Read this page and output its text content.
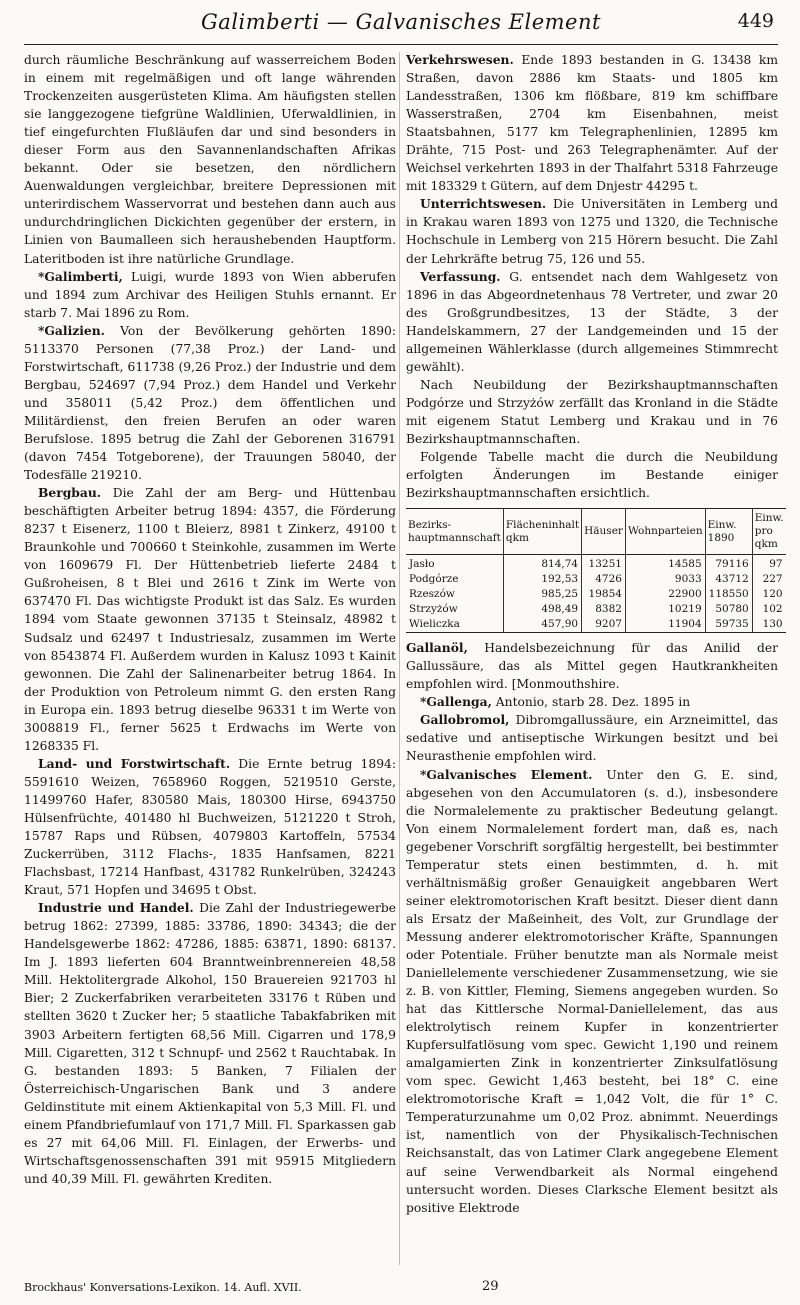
Galimberti — Galvanisches Element	449

durch räumliche Beschränkung auf wasserreichem Boden in einem mit regelmäßigen und oft lange währenden Trockenzeiten ausgerüsteten Klima. Am häufigsten stellen sie langgezogene tiefgrüne Waldlinien, Uferwaldlinien, in tief eingefurchten Flußläufen dar und sind besonders in dieser Form aus den Savannenlandschaften Afrikas bekannt. Oder sie besetzen, den nördlichern Auenwaldungen vergleichbar, breitere Depressionen mit unterirdischem Wasservorrat und bestehen dann auch aus undurchdringlichen Dickichten gegenüber der erstern, in Linien von Baumalleen sich heraushebenden Hauptform. Lateritboden ist ihre natürliche Grundlage.

*Galimberti, Luigi, wurde 1893 von Wien abberufen und 1894 zum Archivar des Heiligen Stuhls ernannt. Er starb 7. Mai 1896 zu Rom.

*Galizien. Von der Bevölkerung gehörten 1890: 5113370 Personen (77,38 Proz.) der Land- und Forstwirtschaft, 611738 (9,26 Proz.) der Industrie und dem Bergbau, 524697 (7,94 Proz.) dem Handel und Verkehr und 358011 (5,42 Proz.) dem öffentlichen und Militärdienst, den freien Berufen an oder waren Berufslose. 1895 betrug die Zahl der Geborenen 316791 (davon 7454 Totgeborene), der Trauungen 58040, der Todesfälle 219210.

Bergbau. Die Zahl der am Berg- und Hüttenbau beschäftigten Arbeiter betrug 1894: 4357, die Förderung 8237 t Eisenerz, 1100 t Bleierz, 8981 t Zinkerz, 49100 t Braunkohle und 700660 t Steinkohle, zusammen im Werte von 1609679 Fl. Der Hüttenbetrieb lieferte 2484 t Gußroheisen, 8 t Blei und 2616 t Zink im Werte von 637470 Fl. Das wichtigste Produkt ist das Salz. Es wurden 1894 vom Staate gewonnen 37135 t Steinsalz, 48982 t Sudsalz und 62497 t Industriesalz, zusammen im Werte von 8543874 Fl. Außerdem wurden in Kalusz 1093 t Kainit gewonnen. Die Zahl der Salinenarbeiter betrug 1864. In der Produktion von Petroleum nimmt G. den ersten Rang in Europa ein. 1893 betrug dieselbe 96331 t im Werte von 3008819 Fl., ferner 5625 t Erdwachs im Werte von 1268335 Fl.

Land- und Forstwirtschaft. Die Ernte betrug 1894: 5591610 Weizen, 7658960 Roggen, 5219510 Gerste, 11499760 Hafer, 830580 Mais, 180300 Hirse, 6943750 Hülsenfrüchte, 401480 hl Buchweizen, 5121220 t Stroh, 15787 Raps und Rübsen, 4079803 Kartoffeln, 57534 Zuckerrüben, 3112 Flachs-, 1835 Hanfsamen, 8221 Flachsbast, 17214 Hanfbast, 431782 Runkelrüben, 324243 Kraut, 571 Hopfen und 34695 t Obst.

Industrie und Handel. Die Zahl der Industriegewerbe betrug 1862: 27399, 1885: 33786, 1890: 34343; die der Handelsgewerbe 1862: 47286, 1885: 63871, 1890: 68137. Im J. 1893 lieferten 604 Branntweinbrennereien 48,58 Mill. Hektolitergrade Alkohol, 150 Brauereien 921703 hl Bier; 2 Zuckerfabriken verarbeiteten 33176 t Rüben und stellten 3620 t Zucker her; 5 staatliche Tabakfabriken mit 3903 Arbeitern fertigten 68,56 Mill. Cigarren und 178,9 Mill. Cigaretten, 312 t Schnupf- und 2562 t Rauchtabak. In G. bestanden 1893: 5 Banken, 7 Filialen der Österreichisch-Ungarischen Bank und 3 andere Geldinstitute mit einem Aktienkapital von 5,3 Mill. Fl. und einem Pfandbriefumlauf von 171,7 Mill. Fl. Sparkassen gab es 27 mit 64,06 Mill. Fl. Einlagen, der Erwerbs- und Wirtschaftsgenossenschaften 391 mit 95915 Mitgliedern und 40,39 Mill. Fl. gewährten Krediten.

Verkehrswesen. Ende 1893 bestanden in G. 13438 km Straßen, davon 2886 km Staats- und 1805 km Landesstraßen, 1306 km flößbare, 819 km schiffbare Wasserstraßen, 2704 km Eisenbahnen, meist Staatsbahnen, 5177 km Telegraphenlinien, 12895 km Drähte, 715 Post- und 263 Telegraphenämter. Auf der Weichsel verkehrten 1893 in der Thalfahrt 5318 Fahrzeuge mit 183329 t Gütern, auf dem Dnjestr 44295 t.

Unterrichtswesen. Die Universitäten in Lemberg und in Krakau waren 1893 von 1275 und 1320, die Technische Hochschule in Lemberg von 215 Hörern besucht. Die Zahl der Lehrkräfte betrug 75, 126 und 55.

Verfassung. G. entsendet nach dem Wahlgesetz von 1896 in das Abgeordnetenhaus 78 Vertreter, und zwar 20 des Großgrundbesitzes, 13 der Städte, 3 der Handelskammern, 27 der Landgemeinden und 15 der allgemeinen Wählerklasse (durch allgemeines Stimmrecht gewählt).

Nach Neubildung der Bezirkshauptmannschaften Podgórze und Strzyżów zerfällt das Kronland in die Städte mit eigenem Statut Lemberg und Krakau und in 76 Bezirkshauptmannschaften.

Folgende Tabelle macht die durch die Neubildung erfolgten Änderungen im Bestande einiger Bezirkshauptmannschaften ersichtlich.

Bezirks-hauptmannschaft	Flächeninhalt qkm	Häuser	Wohnparteien	Einw. 1890	Einw. pro qkm
Jasło	814,74	13251	14585	79116	97
Podgórze	192,53	4726	9033	43712	227
Rzeszów	985,25	19854	22900	118550	120
Strzyżów	498,49	8382	10219	50780	102
Wieliczka	457,90	9207	11904	59735	130

Gallanöl, Handelsbezeichnung für das Anilid der Gallussäure, das als Mittel gegen Hautkrankheiten empfohlen wird. [Monmouthshire.

*Gallenga, Antonio, starb 28. Dez. 1895 in

Gallobromol, Dibromgallussäure, ein Arzneimittel, das sedative und antiseptische Wirkungen besitzt und bei Neurasthenie empfohlen wird.

*Galvanisches Element. Unter den G. E. sind, abgesehen von den Accumulatoren (s. d.), insbesondere die Normalelemente zu praktischer Bedeutung gelangt. Von einem Normalelement fordert man, daß es, nach gegebener Vorschrift sorgfältig hergestellt, bei bestimmter Temperatur stets einen bestimmten, d. h. mit verhältnismäßig großer Genauigkeit angebbaren Wert seiner elektromotorischen Kraft besitzt. Dieser dient dann als Ersatz der Maßeinheit, des Volt, zur Grundlage der Messung anderer elektromotorischer Kräfte, Spannungen oder Potentiale. Früher benutzte man als Normale meist Daniellelemente verschiedener Zusammensetzung, wie sie z. B. von Kittler, Fleming, Siemens angegeben wurden. So hat das Kittlersche Normal-Daniellelement, das aus elektrolytisch reinem Kupfer in konzentrierter Kupfersulfatlösung vom spec. Gewicht 1,190 und reinem amalgamierten Zink in konzentrierter Zinksulfatlösung vom spec. Gewicht 1,463 besteht, bei 18° C. eine elektromotorische Kraft = 1,042 Volt, die für 1° C. Temperaturzunahme um 0,02 Proz. abnimmt. Neuerdings ist, namentlich von der Physikalisch-Technischen Reichsanstalt, das von Latimer Clark angegebene Element auf seine Verwendbarkeit als Normal eingehend untersucht worden. Dieses Clarksche Element besitzt als positive Elektrode

Brockhaus' Konversations-Lexikon. 14. Aufl. XVII.	29
